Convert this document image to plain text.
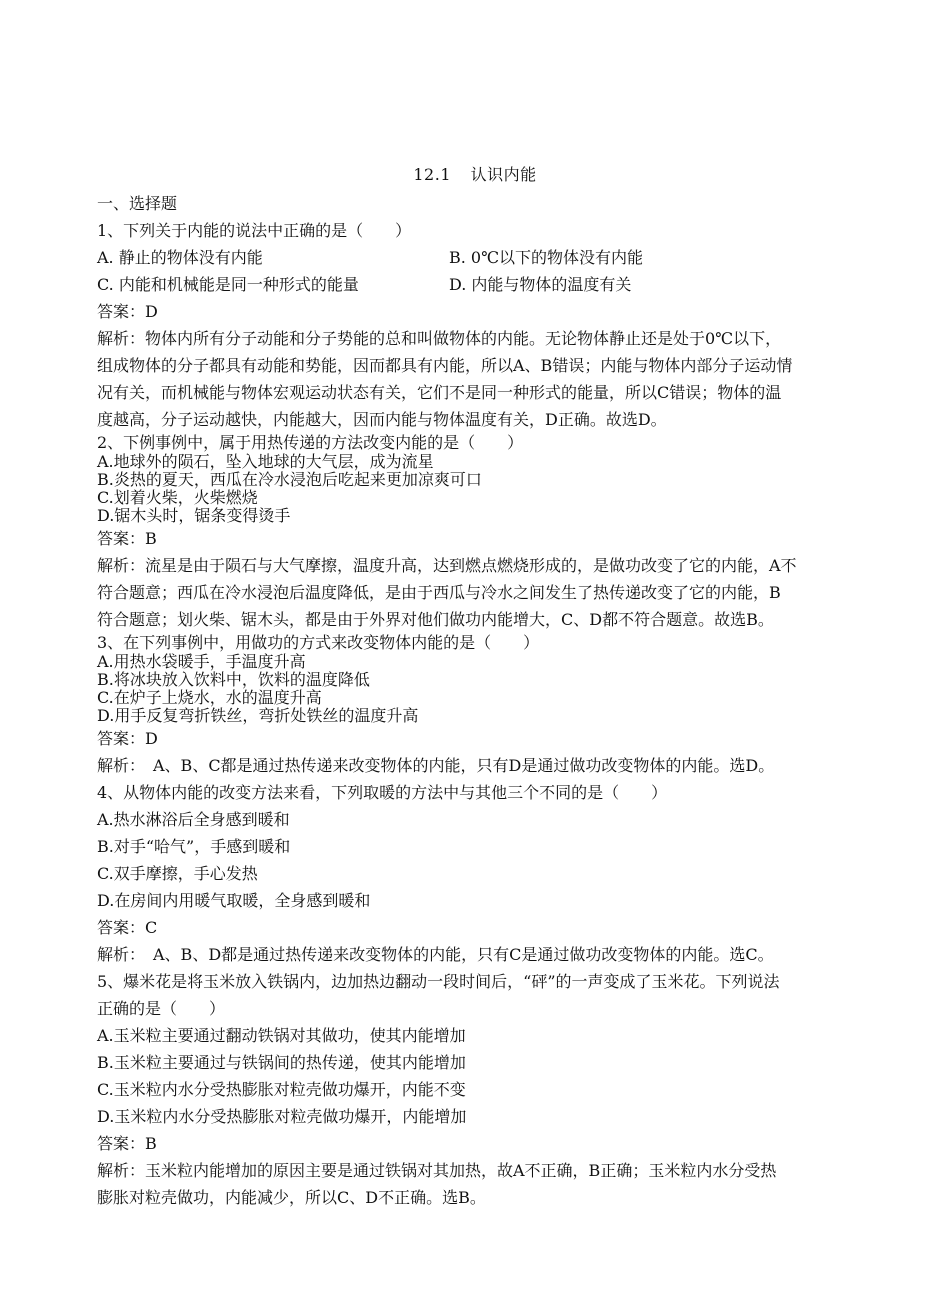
12.1 认识内能
一、选择题
1、下列关于内能的说法中正确的是（　　）
A. 静止的物体没有内能	B. 0℃以下的物体没有内能
C. 内能和机械能是同一种形式的能量	D. 内能与物体的温度有关
答案：D
解析：物体内所有分子动能和分子势能的总和叫做物体的内能。无论物体静止还是处于0℃以下，
组成物体的分子都具有动能和势能，因而都具有内能，所以A、B错误；内能与物体内部分子运动情
况有关，而机械能与物体宏观运动状态有关，它们不是同一种形式的能量，所以C错误；物体的温
度越高，分子运动越快，内能越大，因而内能与物体温度有关，D正确。故选D。
2、下例事例中，属于用热传递的方法改变内能的是（　　）
A.地球外的陨石，坠入地球的大气层，成为流星
B.炎热的夏天，西瓜在冷水浸泡后吃起来更加凉爽可口
C.划着火柴，火柴燃烧
D.锯木头时，锯条变得烫手
答案：B
解析：流星是由于陨石与大气摩擦，温度升高，达到燃点燃烧形成的，是做功改变了它的内能，A不
符合题意；西瓜在冷水浸泡后温度降低，是由于西瓜与冷水之间发生了热传递改变了它的内能，B
符合题意；划火柴、锯木头，都是由于外界对他们做功内能增大，C、D都不符合题意。故选B。
3、在下列事例中，用做功的方式来改变物体内能的是（　　）
A.用热水袋暖手，手温度升高
B.将冰块放入饮料中，饮料的温度降低
C.在炉子上烧水，水的温度升高
D.用手反复弯折铁丝，弯折处铁丝的温度升高
答案：D
解析：　A、B、C都是通过热传递来改变物体的内能，只有D是通过做功改变物体的内能。选D。
4、从物体内能的改变方法来看，下列取暖的方法中与其他三个不同的是（　　）
A.热水淋浴后全身感到暖和
B.对手“哈气”，手感到暖和
C.双手摩擦，手心发热
D.在房间内用暖气取暖，全身感到暖和
答案：C
解析：　A、B、D都是通过热传递来改变物体的内能，只有C是通过做功改变物体的内能。选C。
5、爆米花是将玉米放入铁锅内，边加热边翻动一段时间后，“砰”的一声变成了玉米花。下列说法
正确的是（　　）
A.玉米粒主要通过翻动铁锅对其做功，使其内能增加
B.玉米粒主要通过与铁锅间的热传递，使其内能增加
C.玉米粒内水分受热膨胀对粒壳做功爆开，内能不变
D.玉米粒内水分受热膨胀对粒壳做功爆开，内能增加
答案：B
解析：玉米粒内能增加的原因主要是通过铁锅对其加热，故A不正确，B正确；玉米粒内水分受热
膨胀对粒壳做功，内能减少，所以C、D不正确。选B。
